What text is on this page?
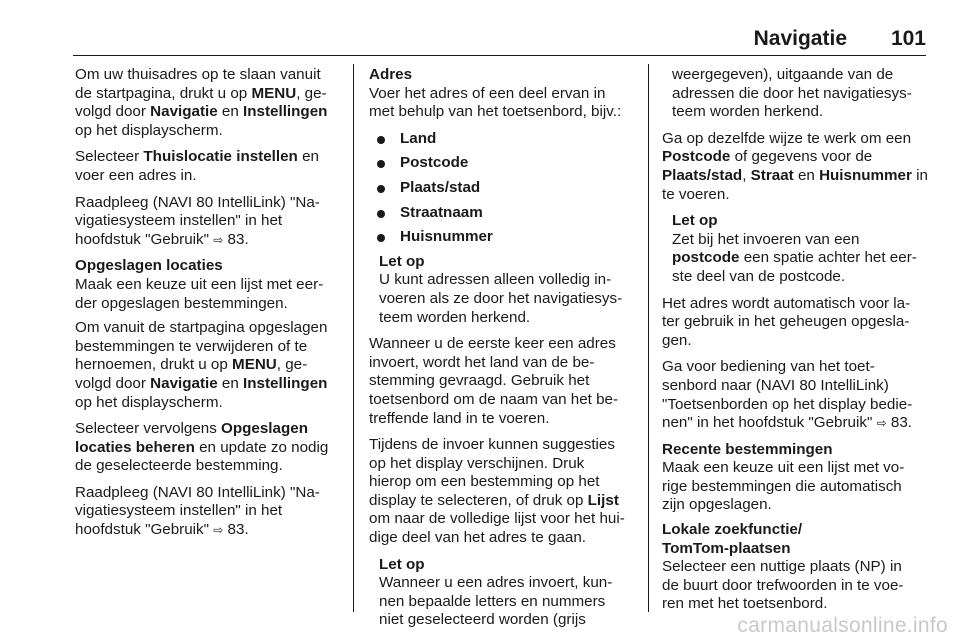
Navigatie 101

Om uw thuisadres op te slaan vanuit
de startpagina, drukt u op MENU, ge-
volgd door Navigatie en Instellingen
op het displayscherm.

Selecteer Thuislocatie instellen en
voer een adres in.

Raadpleeg (NAVI 80 IntelliLink) "Na-
vigatiesysteem instellen" in het
hoofdstuk "Gebruik" ⇨ 83.

Opgeslagen locaties
Maak een keuze uit een lijst met eer-
der opgeslagen bestemmingen.

Om vanuit de startpagina opgeslagen
bestemmingen te verwijderen of te
hernoemen, drukt u op MENU, ge-
volgd door Navigatie en Instellingen
op het displayscherm.

Selecteer vervolgens Opgeslagen
locaties beheren en update zo nodig
de geselecteerde bestemming.

Raadpleeg (NAVI 80 IntelliLink) "Na-
vigatiesysteem instellen" in het
hoofdstuk "Gebruik" ⇨ 83.

Adres
Voer het adres of een deel ervan in
met behulp van het toetsenbord, bijv.:

Land
Postcode
Plaats/stad
Straatnaam
Huisnummer
Let op
U kunt adressen alleen volledig in-
voeren als ze door het navigatiesys-
teem worden herkend.

Wanneer u de eerste keer een adres
invoert, wordt het land van de be-
stemming gevraagd. Gebruik het
toetsenbord om de naam van het be-
treffende land in te voeren.

Tijdens de invoer kunnen suggesties
op het display verschijnen. Druk
hierop om een bestemming op het
display te selecteren, of druk op Lijst
om naar de volledige lijst voor het hui-
dige deel van het adres te gaan.

Let op
Wanneer u een adres invoert, kun-
nen bepaalde letters en nummers
niet geselecteerd worden (grijs
weergegeven), uitgaande van de
adressen die door het navigatiesys-
teem worden herkend.

Ga op dezelfde wijze te werk om een
Postcode of gegevens voor de
Plaats/stad, Straat en Huisnummer in
te voeren.

Let op
Zet bij het invoeren van een
postcode een spatie achter het eer-
ste deel van de postcode.

Het adres wordt automatisch voor la-
ter gebruik in het geheugen opgesla-
gen.

Ga voor bediening van het toet-
senbord naar (NAVI 80 IntelliLink)
"Toetsenborden op het display bedie-
nen" in het hoofdstuk "Gebruik" ⇨ 83.

Recente bestemmingen
Maak een keuze uit een lijst met vo-
rige bestemmingen die automatisch
zijn opgeslagen.

Lokale zoekfunctie/
TomTom-plaatsen
Selecteer een nuttige plaats (NP) in
de buurt door trefwoorden in te voe-
ren met het toetsenbord.

carmanualsonline.info
